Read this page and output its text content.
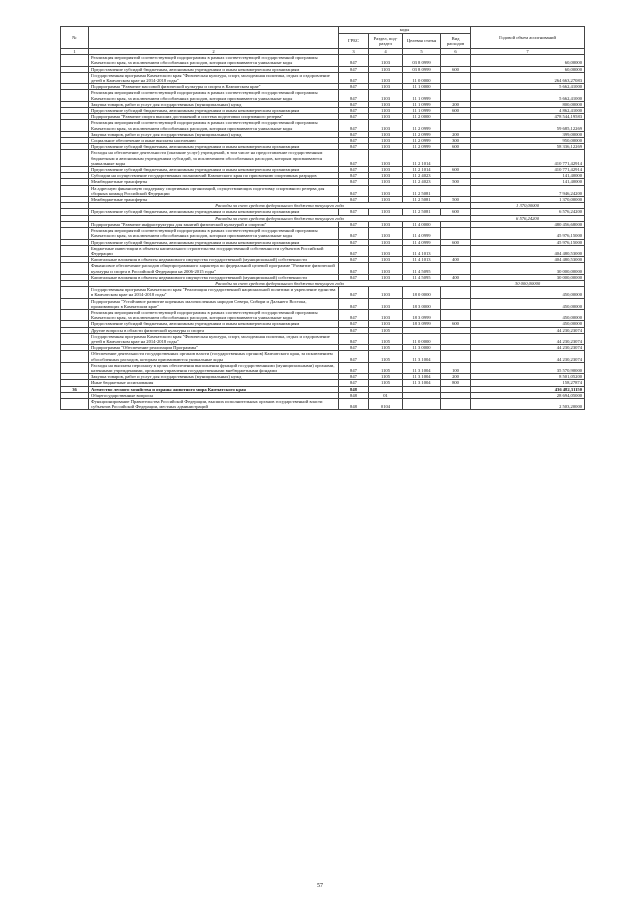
№		коды				Годовой объем ассигнований
		ГРБС	Раздел, под-раздел	Целевая статья	Вид расходов	
1	2	3	4	5	6	7
	Реализация мероприятий соответствующей подпрограммы в рамках соответствующей государственной программы Камчатского края, за исключением обособленных расходов, которым присваиваются уникальные коды	847	1103	03 8 0999		60,00000
	Предоставление субсидий бюджетным, автономным учреждениям и иным некоммерческим организациям	847	1103	03 8 0999	600	60,00000
	Государственная программа Камчатского края "Физическая культура, спорт, молодежная политика, отдых и оздоровление детей в Камчатском крае на 2014-2018 годы"	847	1103	11 0 0000		264 663,27083
	Подпрограмма "Развитие массовой физической культуры и спорта в Камчатском крае"	847	1103	11 1 0000		5 662,41000
	Реализация мероприятий соответствующей подпрограммы в рамках соответствующей государственной программы Камчатского края, за исключением обособленных расходов, которым присваиваются уникальные коды	847	1103	11 1 0999		5 662,41000
	Закупка товаров, работ и услуг для государственных (муниципальных) нужд	847	1103	11 1 0999	200	800,00000
	Предоставление субсидий бюджетным, автономным учреждениям и иным некоммерческим организациям	847	1103	11 1 0999	600	4 862,41000
	Подпрограмма "Развитие спорта высших достижений и система подготовки спортивного резерва"	847	1103	11 2 0000		478 544,19583
	Реализация мероприятий соответствующей подпрограммы в рамках соответствующей государственной программы Камчатского края, за исключением обособленных расходов, которым присваиваются уникальные коды	847	1103	11 2 0999		59 685,12269
	Закупка товаров, работ и услуг для государственных (муниципальных) нужд	847	1103	11 2 0999	200	399,00000
	Социальное обеспечение и иные выплаты населению	847	1103	11 2 0999	300	950,00000
	Предоставление субсидий бюджетным, автономным учреждениям и иным некоммерческим организациям	847	1103	11 2 0999	600	58 336,12269
	Расходы на обеспечение деятельности (оказание услуг) учреждений, в том числе на предоставление государственным бюджетным и автономным учреждениям субсидий, за исключением обособленных расходов, которым присваиваются уникальные коды	847	1103	11 2 1014		410 771,42914
	Предоставление субсидий бюджетным, автономным учреждениям и иным некоммерческим организациям	847	1103	11 2 1014	600	410 771,42914
	Субсидии на осуществление государственных полномочий Камчатского края по присвоению спортивных разрядов	847	1103	11 2 4023		141,40000
	Межбюджетные трансферты	847	1103	11 2 4023	500	141,40000
	На адресную финансовую поддержку спортивных организаций, осуществляющих подготовку спортивного резерва для сборных команд Российской Федерации	847	1103	11 2 5081		7 946,24200
	Межбюджетные трансферты	847	1103	11 2 5081	500	1 370,00000
	Расходы за счет средств федерального бюджета текущего года					1 370,00000
	Предоставление субсидий бюджетным, автономным учреждениям и иным некоммерческим организациям	847	1103	11 2 5081	600	6 576,24200
	Расходы за счет средств федерального бюджета текущего года					6 576,24200
	Подпрограмма "Развитие инфраструктуры для занятий физической культурой и спортом"	847	1103	11 4 0000		480 456,68000
	Реализация мероприятий соответствующей подпрограммы в рамках соответствующей государственной программы Камчатского края, за исключением обособленных расходов, которым присваиваются уникальные коды	847	1103	11 4 0999		45 976,15000
	Предоставление субсидий бюджетным, автономным учреждениям и иным некоммерческим организациям	847	1103	11 4 0999	600	45 976,15000
	Бюджетные инвестиции в объекты капитального строительства государственной собственности субъектов Российской Федерации	847	1103	11 4 1013		404 480,53000
	Капитальные вложения в объекты недвижимого имущества государственной (муниципальной) собственности	847	1103	11 4 1013	400	404 480,53000
	Финансовое обеспечение расходов общепрограммного характера по федеральной целевой программе "Развитие физической культуры и спорта в Российской Федерации на 2006-2015 годы"	847	1103	11 4 5095		30 000,00000
	Капитальные вложения в объекты недвижимого имущества государственной (муниципальной) собственности	847	1103	11 4 5095	400	30 000,00000
	Расходы за счет средств федерального бюджета текущего года					30 000,00000
	Государственная программа Камчатского края "Реализация государственной национальной политики и укрепление единства в Камчатском крае на 2014-2018 годы"	847	1103	18 0 0000		450,00000
	Подпрограмма "Устойчивое развитие коренных малочисленных народов Севера, Сибири и Дальнего Востока, проживающих в Камчатском крае"	847	1103	18 3 0000		450,00000
	Реализация мероприятий соответствующей подпрограммы в рамках соответствующей государственной программы Камчатского края, за исключением обособленных расходов, которым присваиваются уникальные коды	847	1103	18 3 0999		450,00000
	Предоставление субсидий бюджетным, автономным учреждениям и иным некоммерческим организациям	847	1103	18 3 0999	600	450,00000
	Другие вопросы в области физической культуры и спорта	847	1105			44 230,23074
	Государственная программа Камчатского края "Физическая культура, спорт, молодежная политика, отдых и оздоровление детей в Камчатском крае на 2014-2018 годы"	847	1105	11 0 0000		44 230,23074
	Подпрограмма "Обеспечение реализации Программы"	847	1105	11 3 0000		44 230,23074
	Обеспечение деятельности государственных органов власти (государственных органов) Камчатского края, за исключением обособленных расходов, которым присваиваются уникальные коды	847	1105	11 3 1004		44 230,23074
	Расходы на выплаты персоналу в целях обеспечения выполнения функций государственными (муниципальными) органами, казенными учреждениями, органами управления государственными внебюджетными фондами	847	1105	11 3 1004	100	35 570,90000
	Закупка товаров, работ и услуг для государственных (муниципальных) нужд	847	1105	11 3 1004	200	8 501,05200
	Иные бюджетные ассигнования	847	1105	11 3 1004	800	158,27874
36	Агентство лесного хозяйства и охраны животного мира Камчатского края	848				436 482,31150
	Общегосударственные вопросы	848	01			28 694,05000
	Функционирование Правительства Российской Федерации, высших исполнительных органов государственной власти субъектов Российской Федерации, местных администраций	848	0104			2 503,20000
57
